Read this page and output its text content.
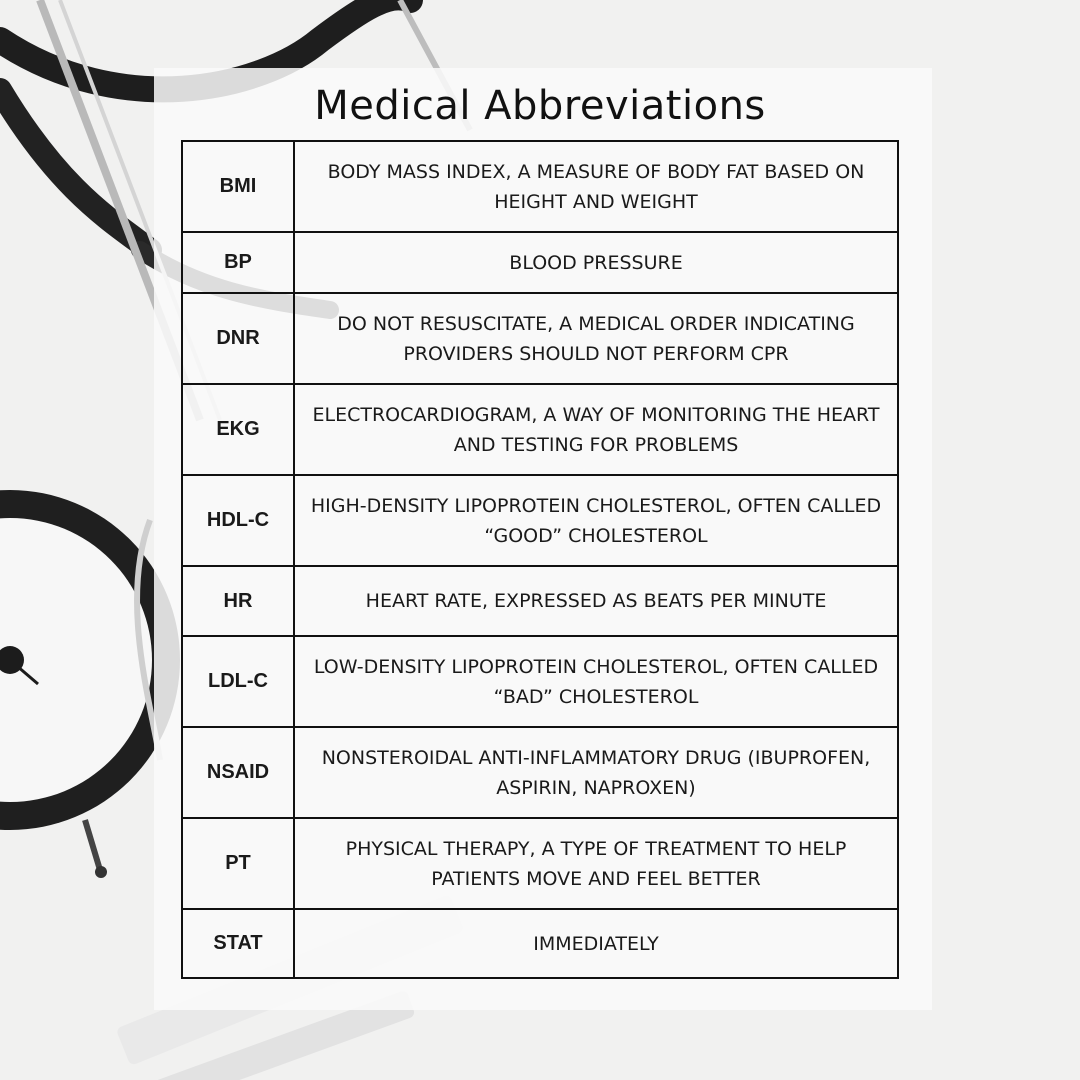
Medical Abbreviations
BMI	BODY MASS INDEX, A MEASURE OF BODY FAT BASED ON HEIGHT AND WEIGHT
BP	BLOOD PRESSURE
DNR	DO NOT RESUSCITATE, A MEDICAL ORDER INDICATING PROVIDERS SHOULD NOT PERFORM CPR
EKG	ELECTROCARDIOGRAM, A WAY OF MONITORING THE HEART AND TESTING FOR PROBLEMS
HDL-C	HIGH-DENSITY LIPOPROTEIN CHOLESTEROL, OFTEN CALLED “GOOD” CHOLESTEROL
HR	HEART RATE, EXPRESSED AS BEATS PER MINUTE
LDL-C	LOW-DENSITY LIPOPROTEIN CHOLESTEROL, OFTEN CALLED “BAD” CHOLESTEROL
NSAID	NONSTEROIDAL ANTI-INFLAMMATORY DRUG (IBUPROFEN, ASPIRIN, NAPROXEN)
PT	PHYSICAL THERAPY, A TYPE OF TREATMENT TO HELP PATIENTS MOVE AND FEEL BETTER
STAT	IMMEDIATELY
